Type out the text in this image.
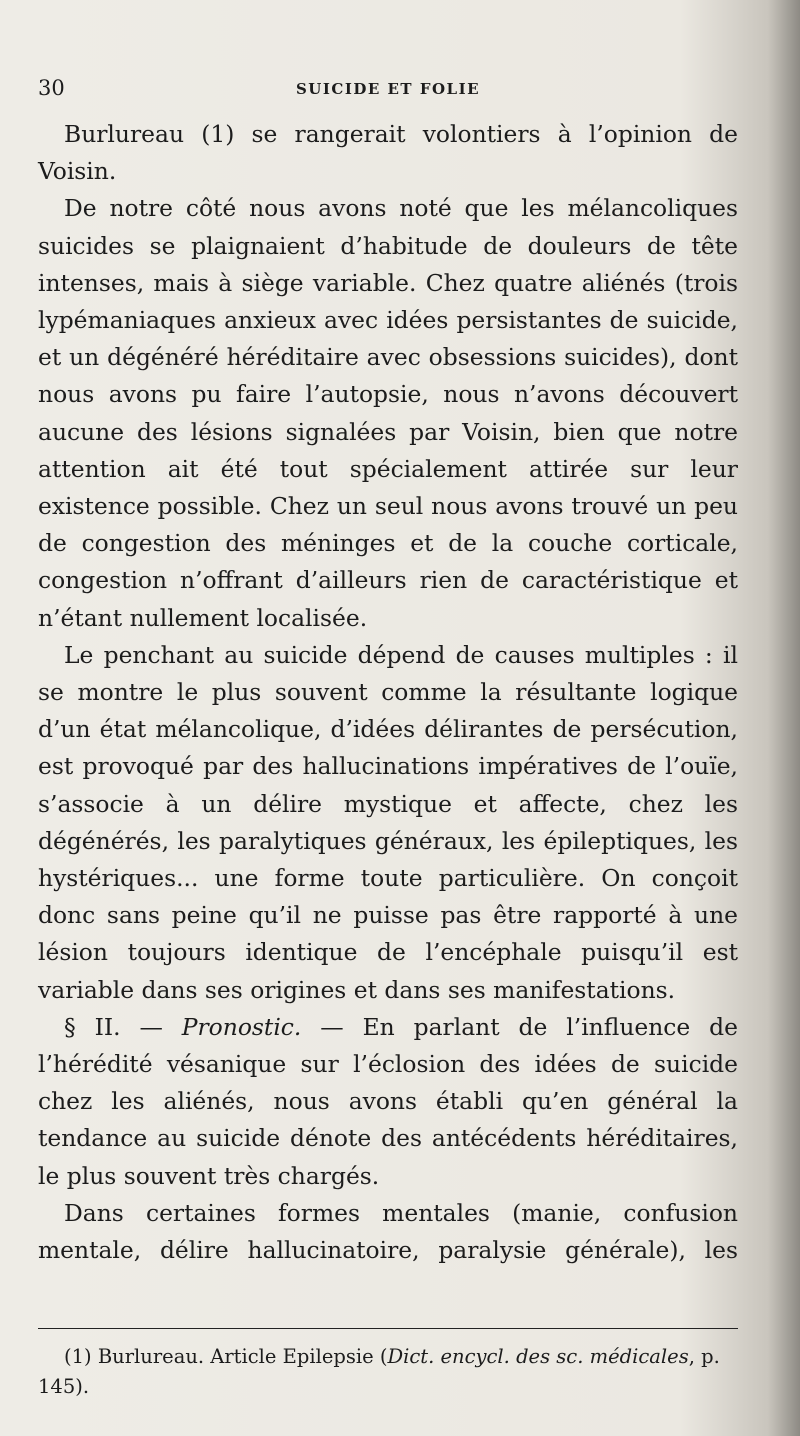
30	SUICIDE ET FOLIE

Burlureau (1) se rangerait volontiers à l’opinion de Voisin.

De notre côté nous avons noté que les mélancoliques suicides se plaignaient d’habitude de douleurs de tête intenses, mais à siège variable. Chez quatre aliénés (trois lypémaniaques anxieux avec idées persistantes de suicide, et un dégénéré héréditaire avec obsessions suicides), dont nous avons pu faire l’autopsie, nous n’avons découvert aucune des lésions signalées par Voisin, bien que notre attention ait été tout spécialement attirée sur leur existence possible. Chez un seul nous avons trouvé un peu de congestion des méninges et de la couche corticale, congestion n’offrant d’ailleurs rien de caractéristique et n’étant nullement localisée.

Le penchant au suicide dépend de causes multiples : il se montre le plus souvent comme la résultante logique d’un état mélancolique, d’idées délirantes de persécution, est provoqué par des hallucinations impératives de l’ouïe, s’associe à un délire mystique et affecte, chez les dégénérés, les paralytiques généraux, les épileptiques, les hystériques... une forme toute particulière. On conçoit donc sans peine qu’il ne puisse pas être rapporté à une lésion toujours identique de l’encéphale puisqu’il est variable dans ses origines et dans ses manifestations.

§ II. — Pronostic. — En parlant de l’influence de l’hérédité vésanique sur l’éclosion des idées de suicide chez les aliénés, nous avons établi qu’en général la tendance au suicide dénote des antécédents héréditaires, le plus souvent très chargés.

Dans certaines formes mentales (manie, confusion mentale, délire hallucinatoire, paralysie générale), les

(1) Burlureau. Article Epilepsie (Dict. encycl. des sc. médicales, p. 145).
